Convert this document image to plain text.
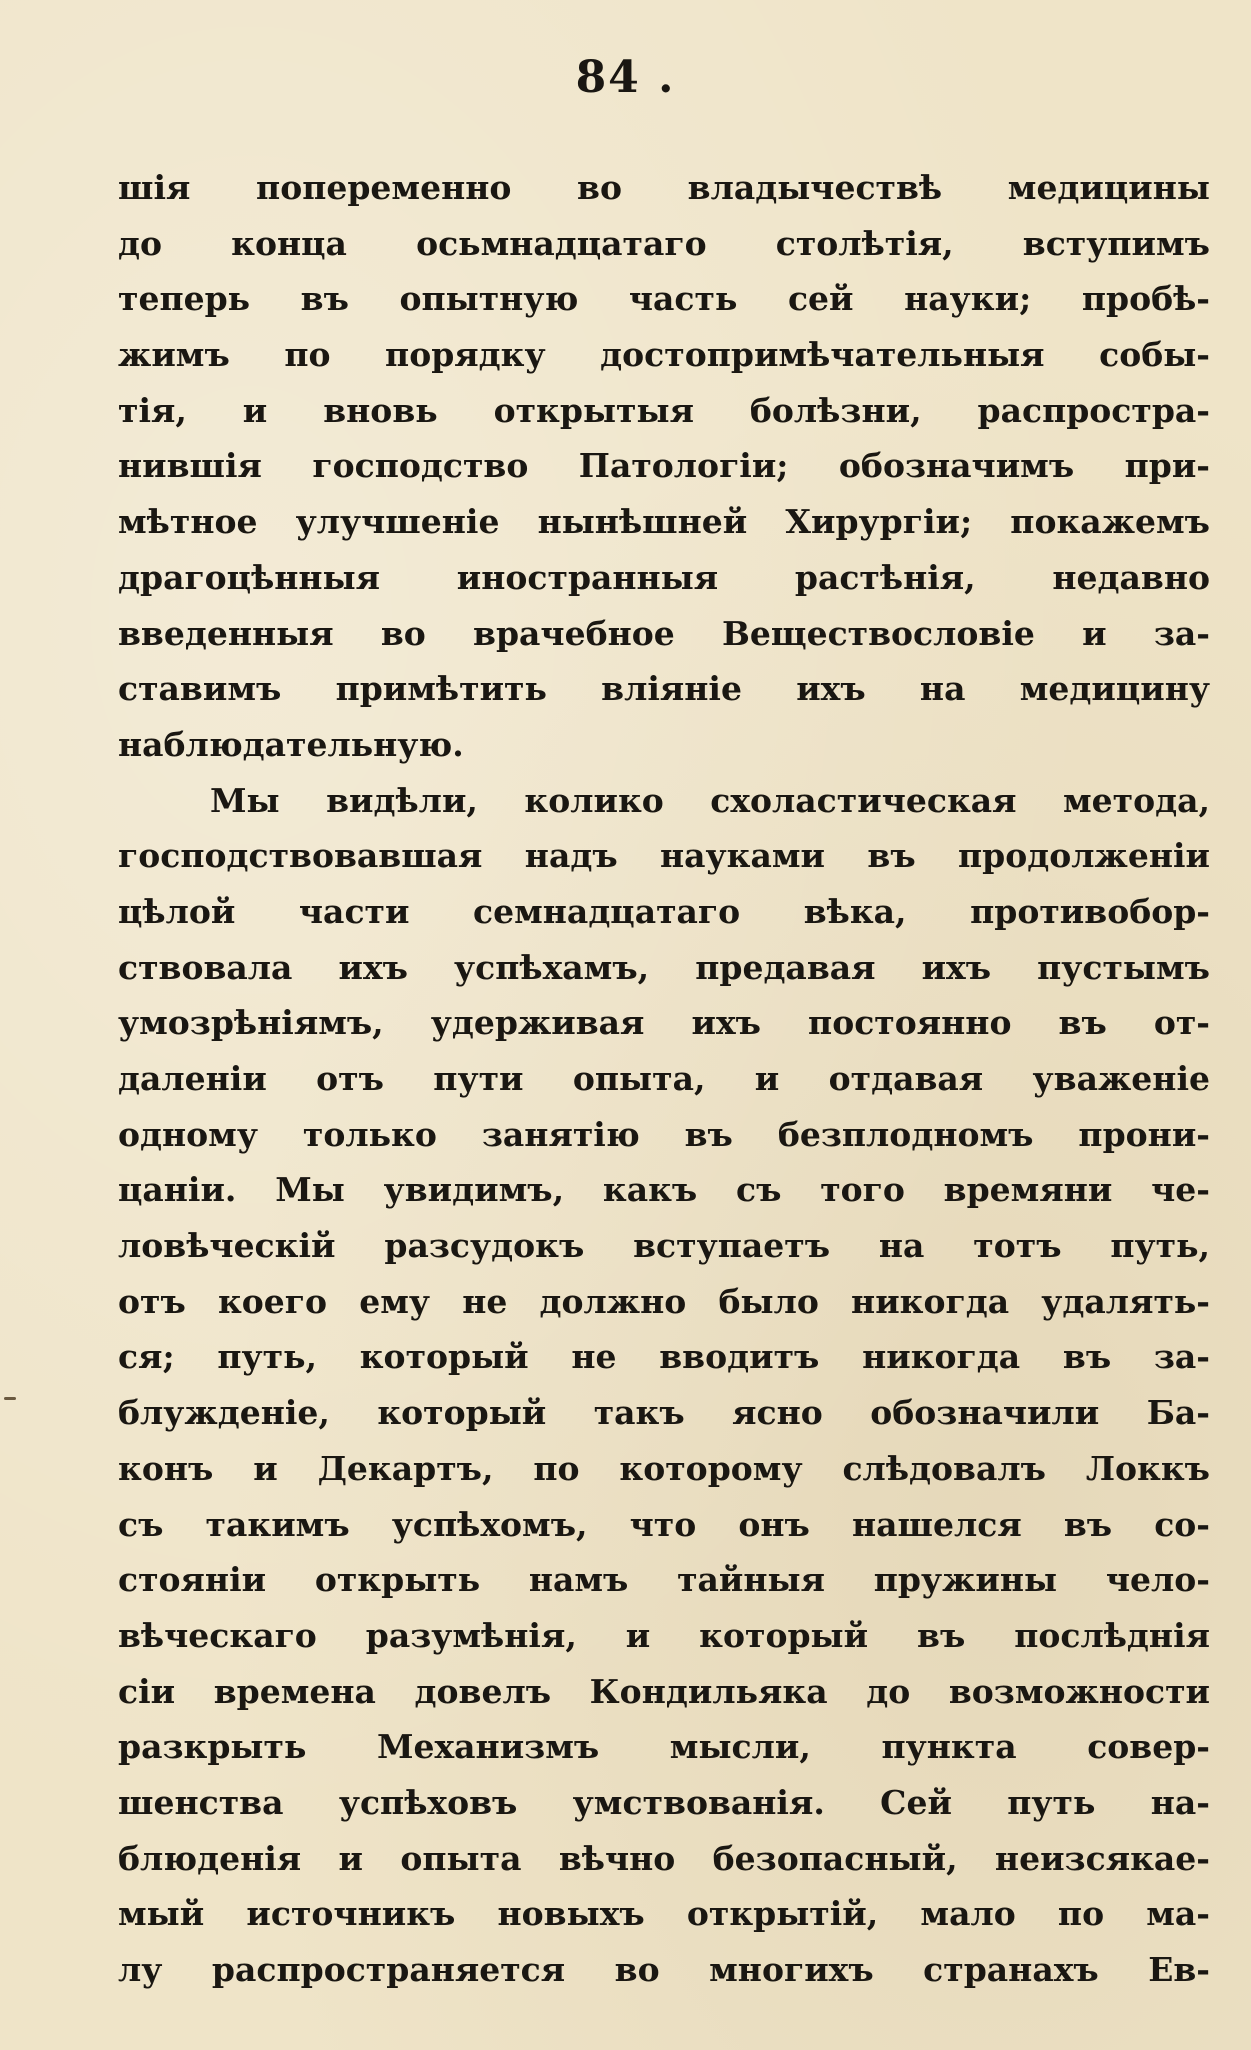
84 .
шія попеременно во владычествѣ медицины
до конца осьмнадцатаго столѣтія, вступимъ
теперь въ опытную часть сей науки; пробѣ-
жимъ по порядку достопримѣчательныя собы-
тія, и вновь открытыя болѣзни, распростра-
нившія господство Патологіи; обозначимъ при-
мѣтное улучшеніе нынѣшней Хирургіи; покажемъ
драгоцѣнныя иностранныя растѣнія, недавно
введенныя во врачебное Веществословіе и за-
ставимъ примѣтить вліяніе ихъ на медицину
наблюдательную.
Мы видѣли, колико схоластическая метода,
господствовавшая надъ науками въ продолженіи
цѣлой части семнадцатаго вѣка, противобор-
ствовала ихъ успѣхамъ, предавая ихъ пустымъ
умозрѣніямъ, удерживая ихъ постоянно въ от-
даленіи отъ пути опыта, и отдавая уваженіе
одному только занятію въ безплодномъ прони-
цаніи. Мы увидимъ, какъ съ того времяни че-
ловѣческій разсудокъ вступаетъ на тотъ путь,
отъ коего ему не должно было никогда удалять-
ся; путь, который не вводитъ никогда въ за-
блужденіе, который такъ ясно обозначили Ба-
конъ и Декартъ, по которому слѣдовалъ Локкъ
съ такимъ успѣхомъ, что онъ нашелся въ со-
стояніи открыть намъ тайныя пружины чело-
вѣческаго разумѣнія, и который въ послѣднія
сіи времена довелъ Кондильяка до возможности
разкрыть Механизмъ мысли, пункта совер-
шенства успѣховъ умствованія. Сей путь на-
блюденія и опыта вѣчно безопасный, неизсякае-
мый источникъ новыхъ открытій, мало по ма-
лу распространяется во многихъ странахъ Ев-
